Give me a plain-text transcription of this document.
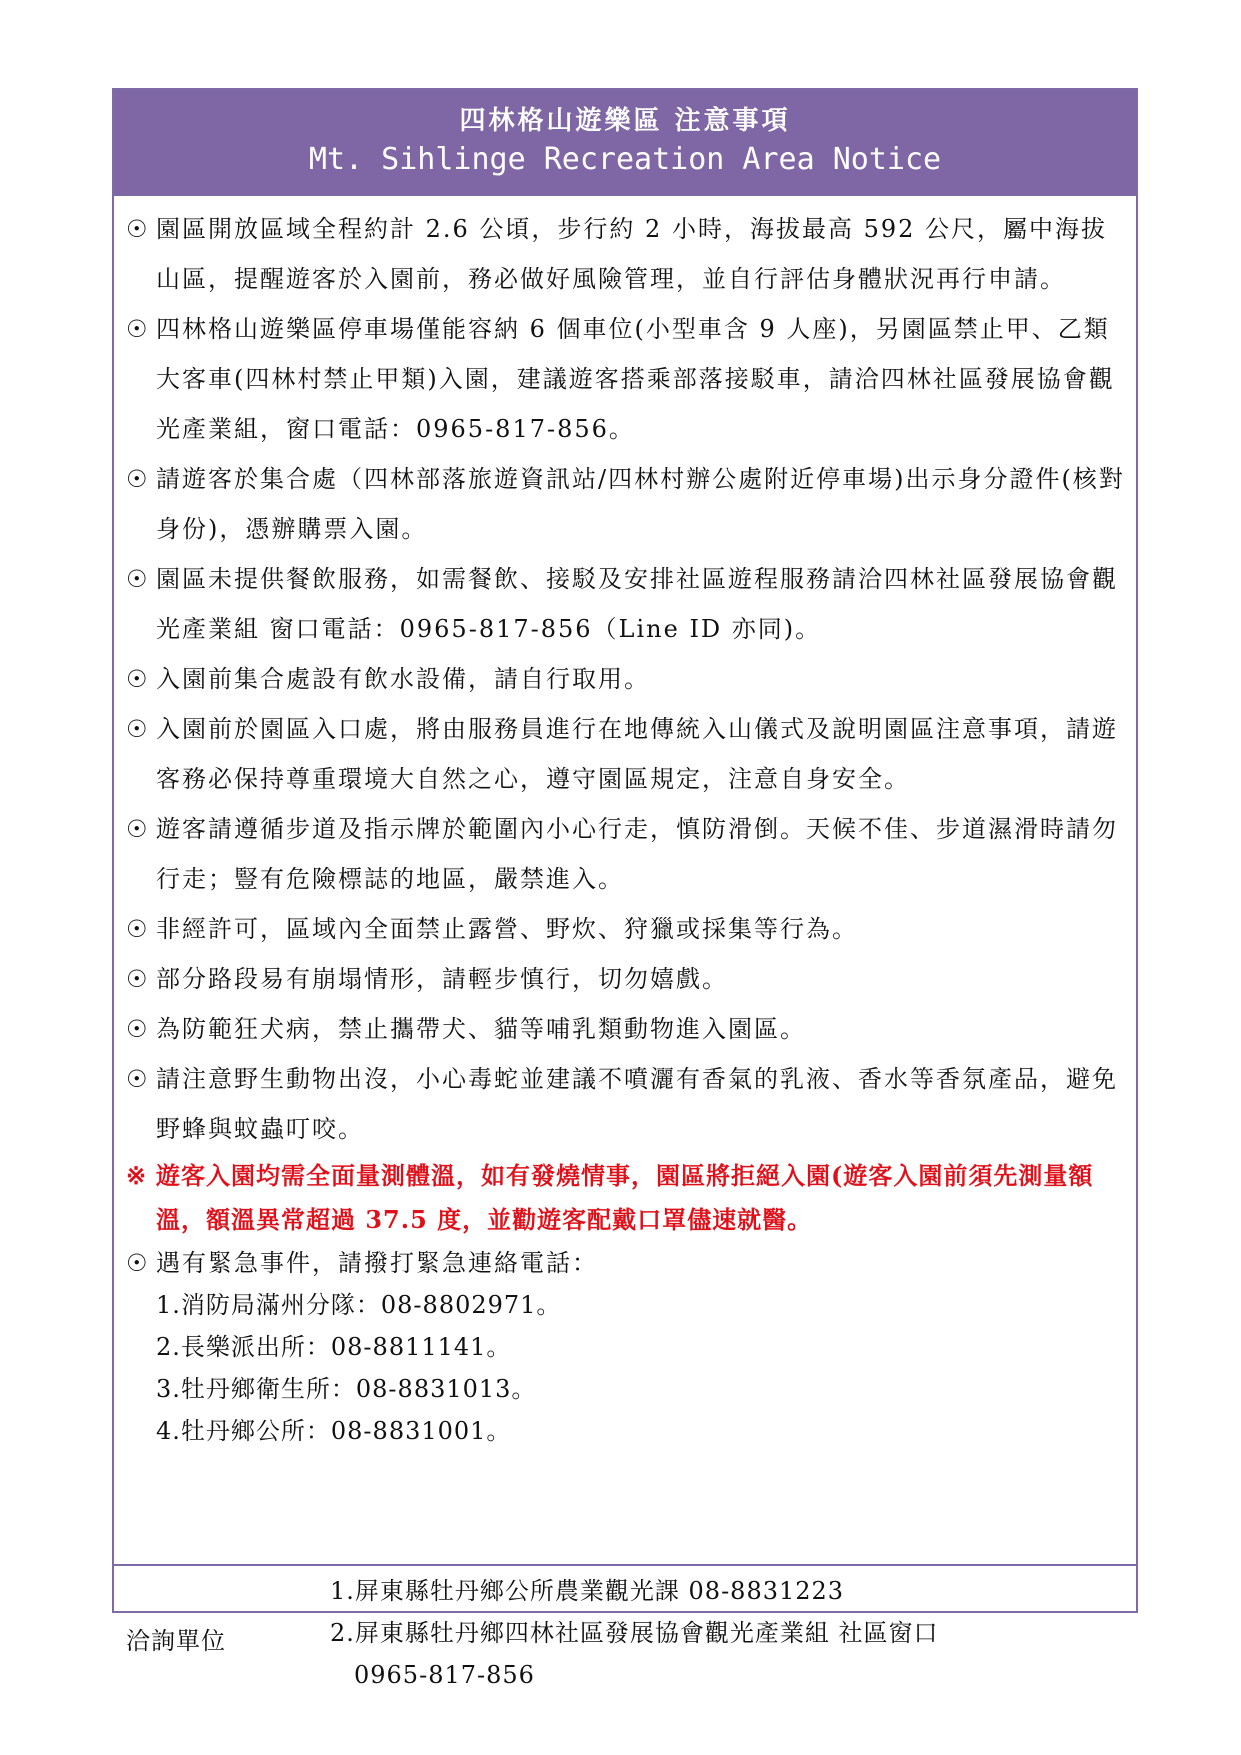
四林格山遊樂區 注意事項
Mt. Sihlinge Recreation Area Notice
☉ 園區開放區域全程約計 2.6 公頃，步行約 2 小時，海拔最高 592 公尺，屬中海拔山區，提醒遊客於入園前，務必做好風險管理，並自行評估身體狀況再行申請。
☉ 四林格山遊樂區停車場僅能容納 6 個車位(小型車含 9 人座)，另園區禁止甲、乙類大客車(四林村禁止甲類)入園，建議遊客搭乘部落接駁車，請洽四林社區發展協會觀光產業組，窗口電話：0965-817-856。
☉ 請遊客於集合處（四林部落旅遊資訊站/四林村辦公處附近停車場)出示身分證件(核對身份)，憑辦購票入園。
☉ 園區未提供餐飲服務，如需餐飲、接駁及安排社區遊程服務請洽四林社區發展協會觀光產業組 窗口電話：0965-817-856（Line ID 亦同)。
☉ 入園前集合處設有飲水設備，請自行取用。
☉ 入園前於園區入口處，將由服務員進行在地傳統入山儀式及說明園區注意事項，請遊客務必保持尊重環境大自然之心，遵守園區規定，注意自身安全。
☉ 遊客請遵循步道及指示牌於範圍內小心行走，慎防滑倒。天候不佳、步道濕滑時請勿行走；豎有危險標誌的地區，嚴禁進入。
☉ 非經許可，區域內全面禁止露營、野炊、狩獵或採集等行為。
☉ 部分路段易有崩塌情形，請輕步慎行，切勿嬉戲。
☉ 為防範狂犬病，禁止攜帶犬、貓等哺乳類動物進入園區。
☉ 請注意野生動物出沒，小心毒蛇並建議不噴灑有香氣的乳液、香水等香氛產品，避免野蜂與蚊蟲叮咬。
※ 遊客入園均需全面量測體溫，如有發燒情事，園區將拒絕入園(遊客入園前須先測量額溫，額溫異常超過 37.5 度，並勸遊客配戴口罩儘速就醫。
☉ 遇有緊急事件，請撥打緊急連絡電話：
1.消防局滿州分隊：08-8802971。
2.長樂派出所：08-8811141。
3.牡丹鄉衛生所：08-8831013。
4.牡丹鄉公所：08-8831001。
洽詢單位
1.屏東縣牡丹鄉公所農業觀光課 08-8831223
2.屏東縣牡丹鄉四林社區發展協會觀光產業組 社區窗口
0965-817-856
